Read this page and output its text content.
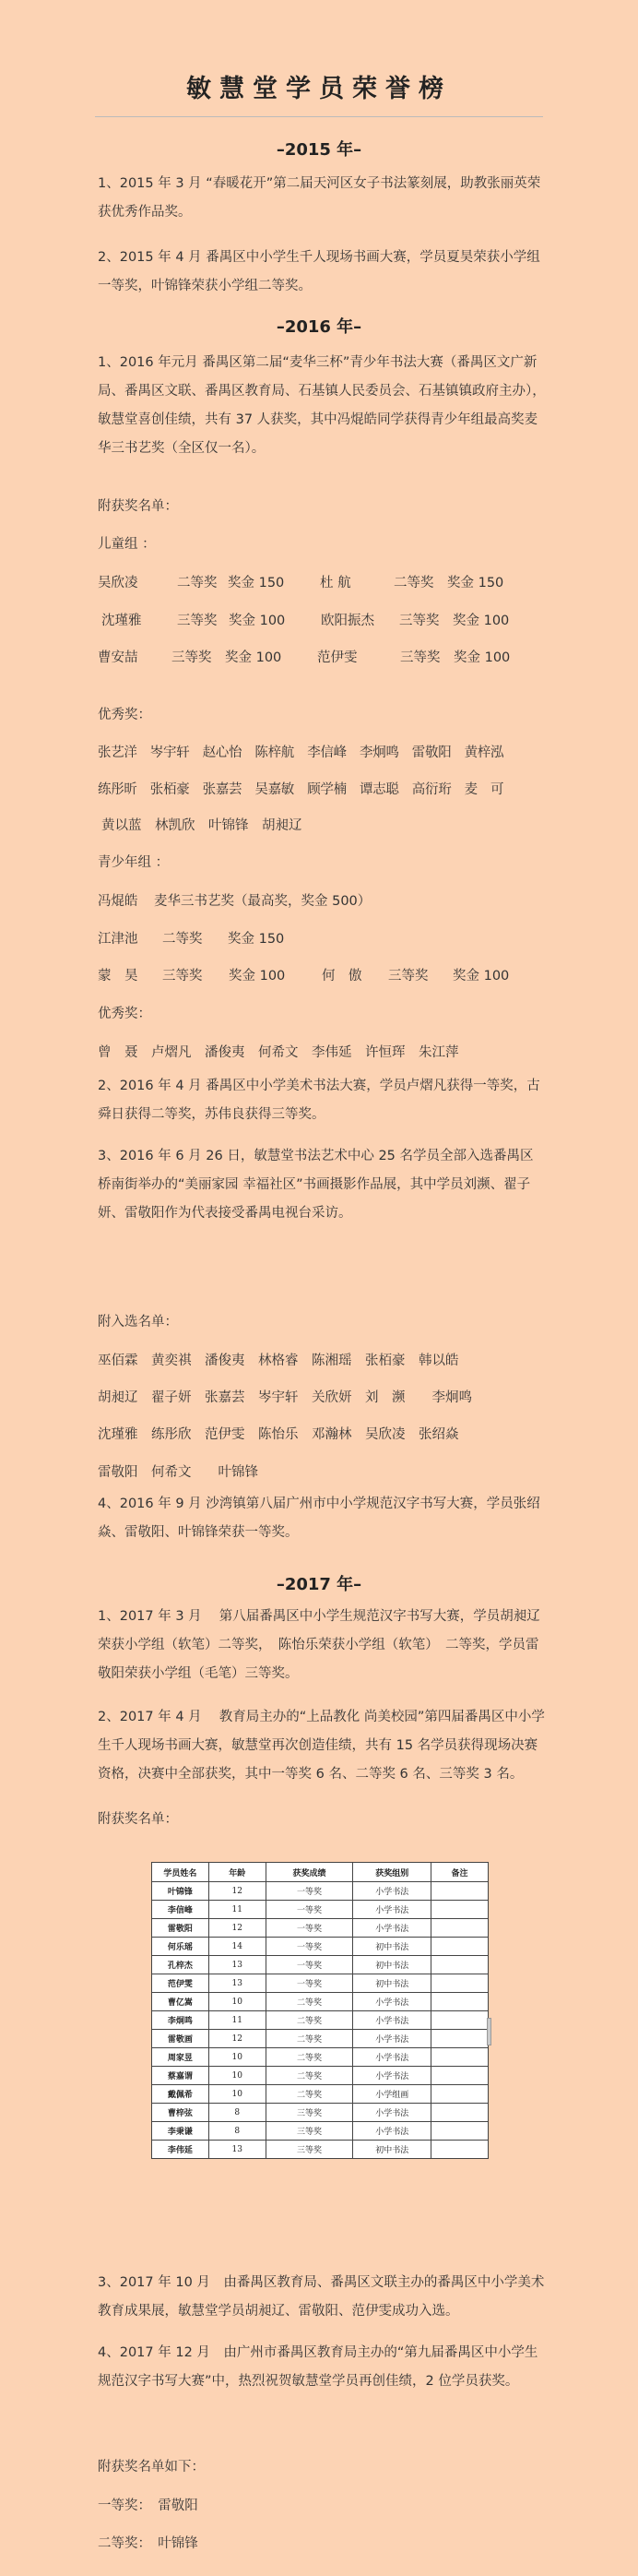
敏慧堂学员荣誉榜
–2015 年–
1、2015 年 3 月 “春暖花开”第二届天河区女子书法篆刻展，助教张丽英荣获优秀作品奖。
2、2015 年 4 月 番禺区中小学生千人现场书画大赛，学员夏昊荣获小学组一等奖，叶锦锋荣获小学组二等奖。
–2016 年–
1、2016 年元月 番禺区第二届“麦华三杯”青少年书法大赛（番禺区文广新局、番禺区文联、番禺区教育局、石基镇人民委员会、石基镇镇政府主办），敏慧堂喜创佳绩，共有 37 人获奖，其中冯焜皓同学获得青少年组最高奖麦华三书艺奖（全区仅一名）。
附获奖名单：
儿童组 ：
吴欣凌	二等奖 奖金 150	杜 航	二等奖 奖金 150
沈瑾雅	三等奖 奖金 100	欧阳振杰 三等奖 奖金 100
曹安喆	三等奖 奖金 100	范伊雯	三等奖 奖金 100
优秀奖：
张艺洋　岑宇轩　赵心怡　陈梓航　李信峰　李炯鸣　雷敬阳　黄梓泓
练彤昕　张栢豪　张嘉芸　吴嘉敏　顾学楠　谭志聪　高衍珩　麦　可
黄以蓝　林凯欣　叶锦锋　胡昶辽
青少年组 ：
冯焜皓 麦华三书艺奖（最高奖，奖金 500）
江津池 二等奖 奖金 150
蒙　昊 三等奖 奖金 100	何　傲 三等奖 奖金 100
优秀奖：
曾　聂　卢熠凡　潘俊夷　何希文　李伟延　许恒珲　朱江萍
2、2016 年 4 月 番禺区中小学美术书法大赛，学员卢熠凡获得一等奖，古舜日获得二等奖，苏伟良获得三等奖。
3、2016 年 6 月 26 日，敏慧堂书法艺术中心 25 名学员全部入选番禺区桥南街举办的“美丽家园 幸福社区”书画摄影作品展，其中学员刘濒、翟子妍、雷敬阳作为代表接受番禺电视台采访。
附入选名单：
巫佰霖　黄奕祺　潘俊夷　林格睿　陈湘瑶　张栢豪　韩以皓
胡昶辽　翟子妍　张嘉芸　岑宇轩　关欣妍　刘　濒　　李炯鸣
沈瑾雅　练彤欣　范伊雯　陈怡乐　邓瀚林　吴欣凌　张绍焱
雷敬阳　何希文　　叶锦锋
4、2016 年 9 月 沙湾镇第八届广州市中小学规范汉字书写大赛，学员张绍焱、雷敬阳、叶锦锋荣获一等奖。
–2017 年–
1、2017 年 3 月　 第八届番禺区中小学生规范汉字书写大赛，学员胡昶辽荣获小学组（软笔）二等奖，　陈怡乐荣获小学组（软笔）　二等奖，学员雷敬阳荣获小学组（毛笔）三等奖。
2、2017 年 4 月　 教育局主办的“上品教化 尚美校园”第四届番禺区中小学生千人现场书画大赛，敏慧堂再次创造佳绩，共有 15 名学员获得现场决赛资格，决赛中全部获奖，其中一等奖 6 名、二等奖 6 名、三等奖 3 名。
附获奖名单：
学员姓名	年龄	获奖成绩	获奖组别	备注
叶锦锋	12	一等奖	小学书法	
李信峰	11	一等奖	小学书法	
雷敬阳	12	一等奖	小学书法	
何乐瑶	14	一等奖	初中书法	
孔梓杰	13	一等奖	初中书法	
范伊雯	13	一等奖	初中书法	
曹亿嵩	10	二等奖	小学书法	
李炯鸣	11	二等奖	小学书法	
雷敬画	12	二等奖	小学书法	
周家昱	10	二等奖	小学书法	
蔡嘉谓	10	二等奖	小学书法	
戴佩希	10	二等奖	小学组画	
曹梓弦	8	三等奖	小学书法	
李秉谦	8	三等奖	小学书法	
李伟延	13	三等奖	初中书法	
3、2017 年 10 月　由番禺区教育局、番禺区文联主办的番禺区中小学美术教育成果展，敏慧堂学员胡昶辽、雷敬阳、范伊雯成功入选。
4、2017 年 12 月　由广州市番禺区教育局主办的“第九届番禺区中小学生规范汉字书写大赛”中，热烈祝贺敏慧堂学员再创佳绩，2 位学员获奖。
附获奖名单如下：
一等奖：　雷敬阳
二等奖：　叶锦锋
